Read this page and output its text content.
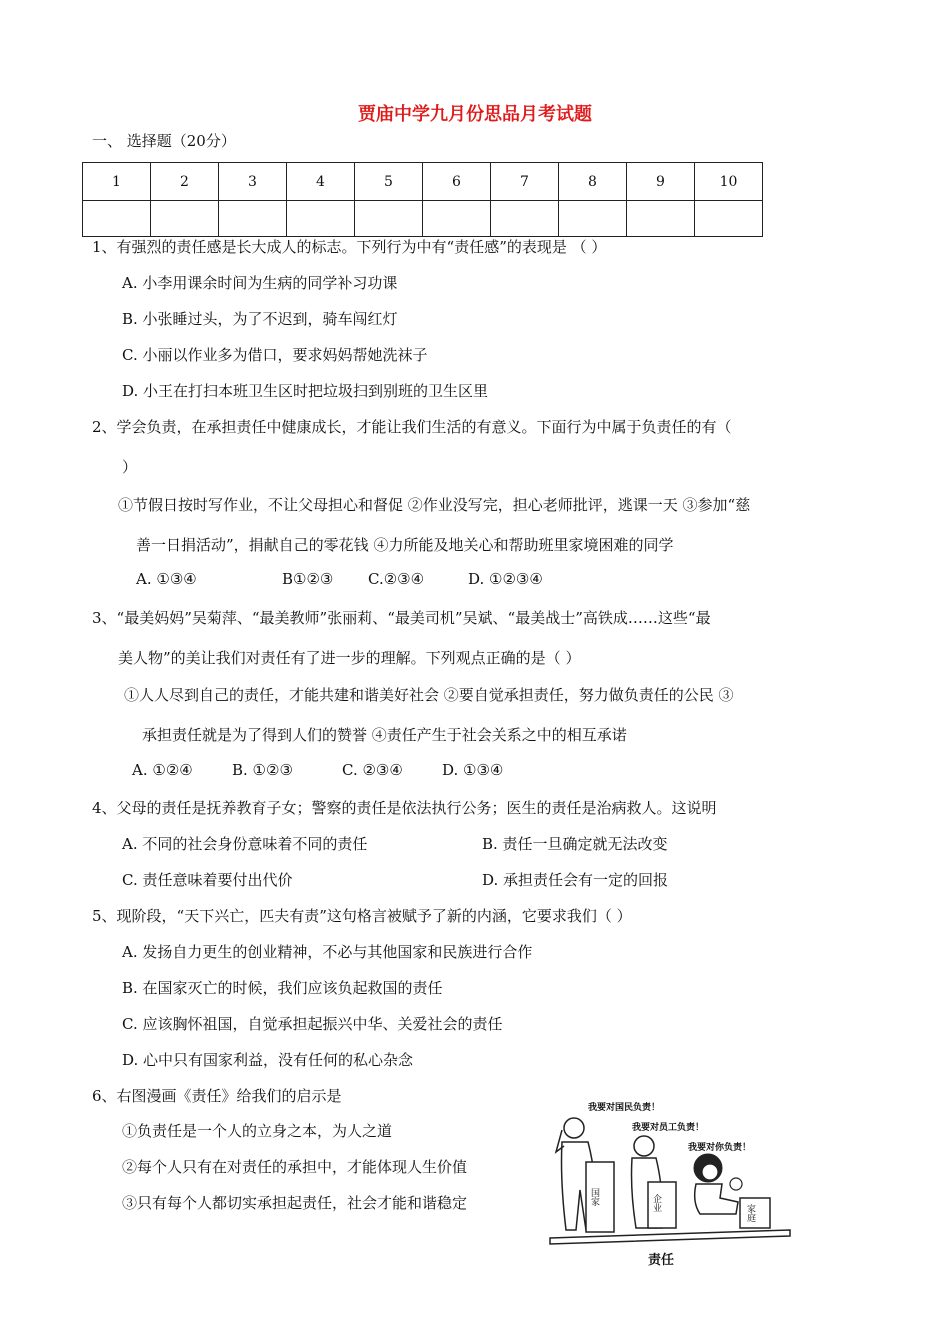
贾庙中学九月份思品月考试题
一、 选择题（20分）
1	2	3	4	5	6	7	8	9	10

1、有强烈的责任感是长大成人的标志。下列行为中有“责任感”的表现是 （ ）
A. 小李用课余时间为生病的同学补习功课
B. 小张睡过头，为了不迟到，骑车闯红灯
C. 小丽以作业多为借口，要求妈妈帮她洗袜子
D. 小王在打扫本班卫生区时把垃圾扫到别班的卫生区里
2、学会负责，在承担责任中健康成长，才能让我们生活的有意义。下面行为中属于负责任的有（
）
①节假日按时写作业，不让父母担心和督促 ②作业没写完，担心老师批评，逃课一天 ③参加“慈
善一日捐活动”，捐献自己的零花钱 ④力所能及地关心和帮助班里家境困难的同学
A. ①③④	B①②③ C.②③④	D. ①②③④
3、“最美妈妈”吴菊萍、“最美教师”张丽莉、“最美司机”吴斌、“最美战士”高铁成……这些“最
美人物”的美让我们对责任有了进一步的理解。下列观点正确的是（ ）
①人人尽到自己的责任，才能共建和谐美好社会 ②要自觉承担责任，努力做负责任的公民 ③
承担责任就是为了得到人们的赞誉 ④责任产生于社会关系之中的相互承诺
A. ①②④	B. ①②③	C. ②③④	D. ①③④
4、父母的责任是抚养教育子女；警察的责任是依法执行公务；医生的责任是治病救人。这说明
A. 不同的社会身份意味着不同的责任	B. 责任一旦确定就无法改变
C. 责任意味着要付出代价	D. 承担责任会有一定的回报
5、现阶段，“天下兴亡，匹夫有责”这句格言被赋予了新的内涵，它要求我们（ ）
A. 发扬自力更生的创业精神，不必与其他国家和民族进行合作
B. 在国家灭亡的时候，我们应该负起救国的责任
C. 应该胸怀祖国，自觉承担起振兴中华、关爱社会的责任
D. 心中只有国家利益，没有任何的私心杂念
6、右图漫画《责任》给我们的启示是
①负责任是一个人的立身之本，为人之道
②每个人只有在对责任的承担中，才能体现人生价值
③只有每个人都切实承担起责任，社会才能和谐稳定
我要对国民负责！
我要对员工负责！
我要对你负责！
国家	企业
家庭
责任
